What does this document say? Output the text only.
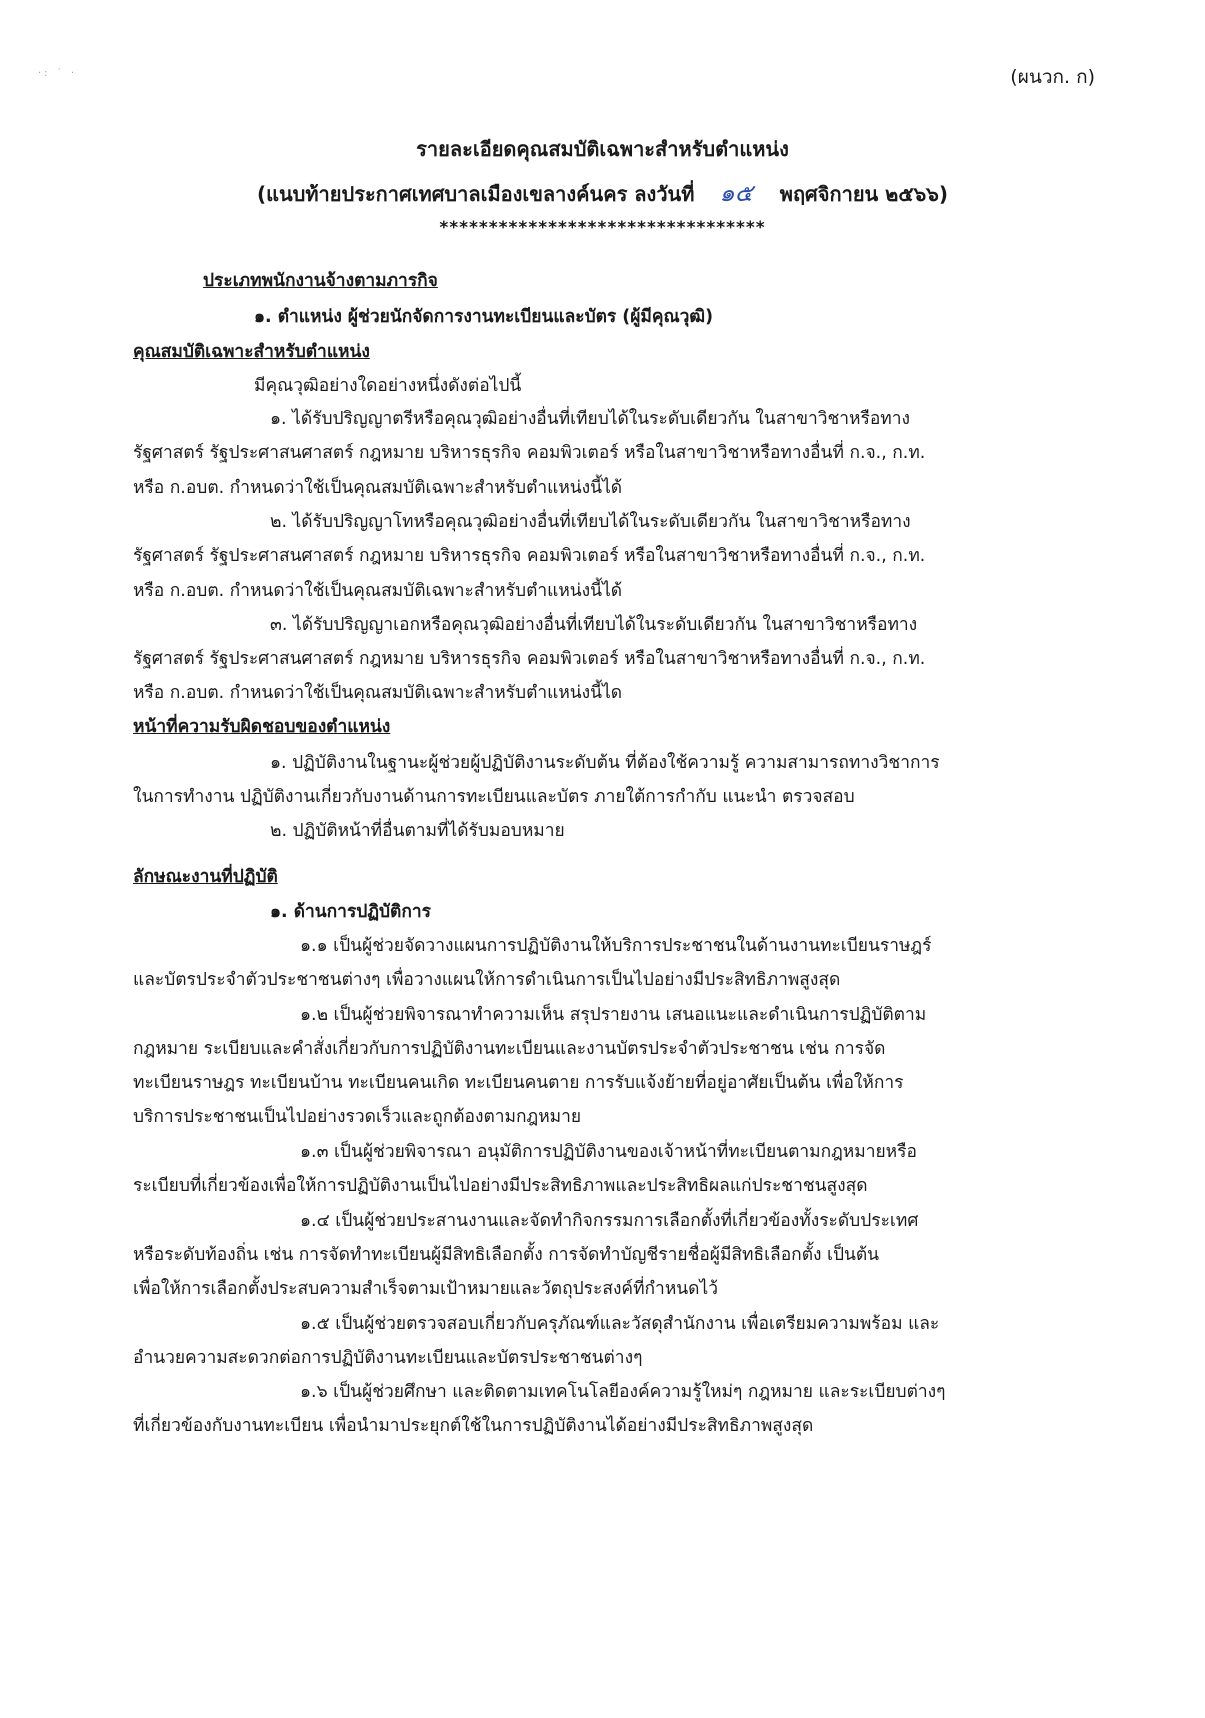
·: ˙ ·	(ผนวก. ก)
รายละเอียดคุณสมบัติเฉพาะสำหรับตำแหน่ง
(แนบท้ายประกาศเทศบาลเมืองเขลางค์นคร ลงวันที่ ๑๕ พฤศจิกายน ๒๕๖๖)
*********************************
ประเภทพนักงานจ้างตามภารกิจ
๑. ตำแหน่ง ผู้ช่วยนักจัดการงานทะเบียนและบัตร (ผู้มีคุณวุฒิ)
คุณสมบัติเฉพาะสำหรับตำแหน่ง
มีคุณวุฒิอย่างใดอย่างหนึ่งดังต่อไปนี้
๑. ได้รับปริญญาตรีหรือคุณวุฒิอย่างอื่นที่เทียบได้ในระดับเดียวกัน ในสาขาวิชาหรือทาง
รัฐศาสตร์ รัฐประศาสนศาสตร์ กฎหมาย บริหารธุรกิจ คอมพิวเตอร์ หรือในสาขาวิชาหรือทางอื่นที่ ก.จ., ก.ท.
หรือ ก.อบต. กำหนดว่าใช้เป็นคุณสมบัติเฉพาะสำหรับตำแหน่งนี้ได้
๒. ได้รับปริญญาโทหรือคุณวุฒิอย่างอื่นที่เทียบได้ในระดับเดียวกัน ในสาขาวิชาหรือทาง
รัฐศาสตร์ รัฐประศาสนศาสตร์ กฎหมาย บริหารธุรกิจ คอมพิวเตอร์ หรือในสาขาวิชาหรือทางอื่นที่ ก.จ., ก.ท.
หรือ ก.อบต. กำหนดว่าใช้เป็นคุณสมบัติเฉพาะสำหรับตำแหน่งนี้ได้
๓. ได้รับปริญญาเอกหรือคุณวุฒิอย่างอื่นที่เทียบได้ในระดับเดียวกัน ในสาขาวิชาหรือทาง
รัฐศาสตร์ รัฐประศาสนศาสตร์ กฎหมาย บริหารธุรกิจ คอมพิวเตอร์ หรือในสาขาวิชาหรือทางอื่นที่ ก.จ., ก.ท.
หรือ ก.อบต. กำหนดว่าใช้เป็นคุณสมบัติเฉพาะสำหรับตำแหน่งนี้ได
หน้าที่ความรับผิดชอบของตำแหน่ง
๑. ปฏิบัติงานในฐานะผู้ช่วยผู้ปฏิบัติงานระดับต้น ที่ต้องใช้ความรู้ ความสามารถทางวิชาการ
ในการทำงาน ปฏิบัติงานเกี่ยวกับงานด้านการทะเบียนและบัตร ภายใต้การกำกับ แนะนำ ตรวจสอบ
๒. ปฏิบัติหน้าที่อื่นตามที่ได้รับมอบหมาย
ลักษณะงานที่ปฏิบัติ
๑. ด้านการปฏิบัติการ
๑.๑ เป็นผู้ช่วยจัดวางแผนการปฏิบัติงานให้บริการประชาชนในด้านงานทะเบียนราษฎร์
และบัตรประจำตัวประชาชนต่างๆ เพื่อวางแผนให้การดำเนินการเป็นไปอย่างมีประสิทธิภาพสูงสุด
๑.๒ เป็นผู้ช่วยพิจารณาทำความเห็น สรุปรายงาน เสนอแนะและดำเนินการปฏิบัติตาม
กฎหมาย ระเบียบและคำสั่งเกี่ยวกับการปฏิบัติงานทะเบียนและงานบัตรประจำตัวประชาชน เช่น การจัด
ทะเบียนราษฎร ทะเบียนบ้าน ทะเบียนคนเกิด ทะเบียนคนตาย การรับแจ้งย้ายที่อยู่อาศัยเป็นต้น เพื่อให้การ
บริการประชาชนเป็นไปอย่างรวดเร็วและถูกต้องตามกฎหมาย
๑.๓ เป็นผู้ช่วยพิจารณา อนุมัติการปฏิบัติงานของเจ้าหน้าที่ทะเบียนตามกฎหมายหรือ
ระเบียบที่เกี่ยวข้องเพื่อให้การปฏิบัติงานเป็นไปอย่างมีประสิทธิภาพและประสิทธิผลแก่ประชาชนสูงสุด
๑.๔ เป็นผู้ช่วยประสานงานและจัดทำกิจกรรมการเลือกตั้งที่เกี่ยวข้องทั้งระดับประเทศ
หรือระดับท้องถิ่น เช่น การจัดทำทะเบียนผู้มีสิทธิเลือกตั้ง การจัดทำบัญชีรายชื่อผู้มีสิทธิเลือกตั้ง เป็นต้น
เพื่อให้การเลือกตั้งประสบความสำเร็จตามเป้าหมายและวัตถุประสงค์ที่กำหนดไว้
๑.๕ เป็นผู้ช่วยตรวจสอบเกี่ยวกับครุภัณฑ์และวัสดุสำนักงาน เพื่อเตรียมความพร้อม และ
อำนวยความสะดวกต่อการปฏิบัติงานทะเบียนและบัตรประชาชนต่างๆ
๑.๖ เป็นผู้ช่วยศึกษา และติดตามเทคโนโลยีองค์ความรู้ใหม่ๆ กฎหมาย และระเบียบต่างๆ
ที่เกี่ยวข้องกับงานทะเบียน เพื่อนำมาประยุกต์ใช้ในการปฏิบัติงานได้อย่างมีประสิทธิภาพสูงสุด
